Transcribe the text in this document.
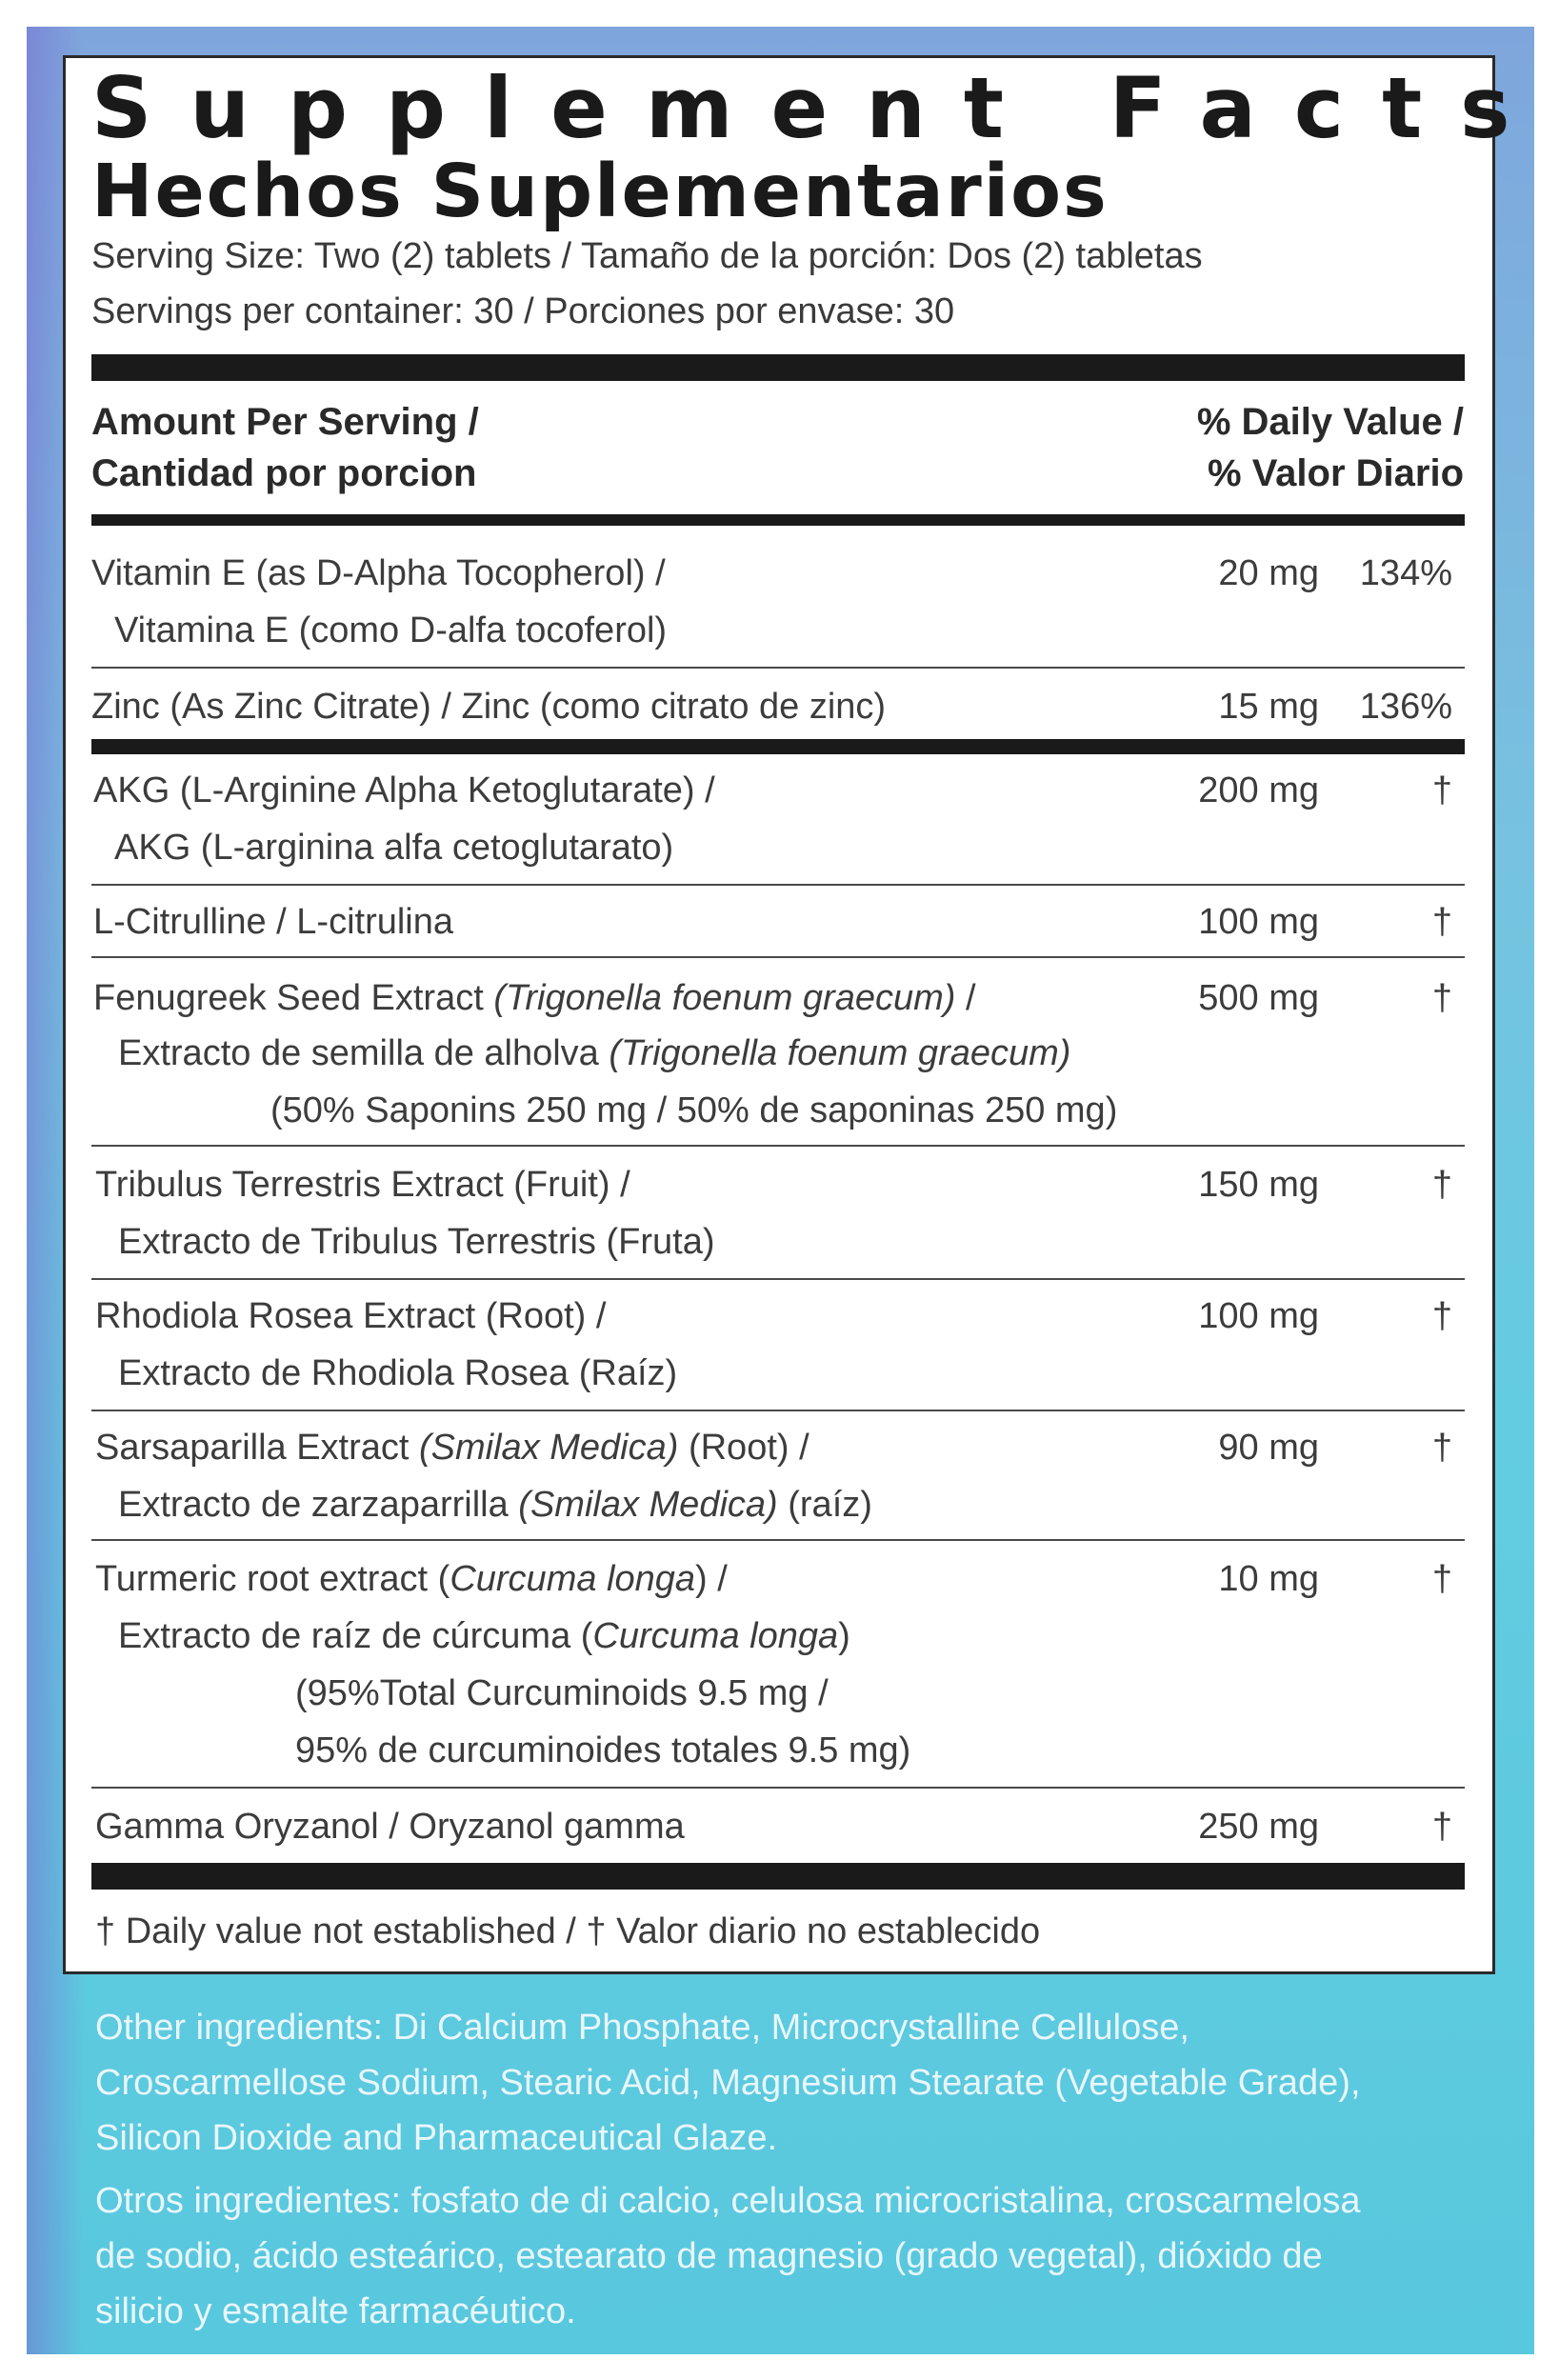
Supplement Facts
Hechos Suplementarios
Serving Size: Two (2) tablets / Tamaño de la porción: Dos (2) tabletas
Servings per container: 30 / Porciones por envase: 30
Amount Per Serving /
Cantidad por porcion
% Daily Value /
% Valor Diario
Vitamin E (as D-Alpha Tocopherol) /
Vitamina E (como D-alfa tocoferol)
20 mg 134%
Zinc (As Zinc Citrate) / Zinc (como citrato de zinc)	15 mg 136%
AKG (L-Arginine Alpha Ketoglutarate) /
AKG (L-arginina alfa cetoglutarato)
200 mg	†
L-Citrulline / L-citrulina	100 mg	†
Fenugreek Seed Extract (Trigonella foenum graecum) /
Extracto de semilla de alholva (Trigonella foenum graecum)
(50% Saponins 250 mg / 50% de saponinas 250 mg)
500 mg	†
Tribulus Terrestris Extract (Fruit) /
Extracto de Tribulus Terrestris (Fruta)
150 mg	†
Rhodiola Rosea Extract (Root) /
Extracto de Rhodiola Rosea (Raíz)
100 mg	†
Sarsaparilla Extract (Smilax Medica) (Root) /
Extracto de zarzaparrilla (Smilax Medica) (raíz)
90 mg	†
Turmeric root extract (Curcuma longa) /
Extracto de raíz de cúrcuma (Curcuma longa)
(95%Total Curcuminoids 9.5 mg /
95% de curcuminoides totales 9.5 mg)
10 mg	†
Gamma Oryzanol / Oryzanol gamma	250 mg	†
† Daily value not established / † Valor diario no establecido
Other ingredients: Di Calcium Phosphate, Microcrystalline Cellulose,
Croscarmellose Sodium, Stearic Acid, Magnesium Stearate (Vegetable Grade),
Silicon Dioxide and Pharmaceutical Glaze.
Otros ingredientes: fosfato de di calcio, celulosa microcristalina, croscarmelosa
de sodio, ácido esteárico, estearato de magnesio (grado vegetal), dióxido de
silicio y esmalte farmacéutico.
